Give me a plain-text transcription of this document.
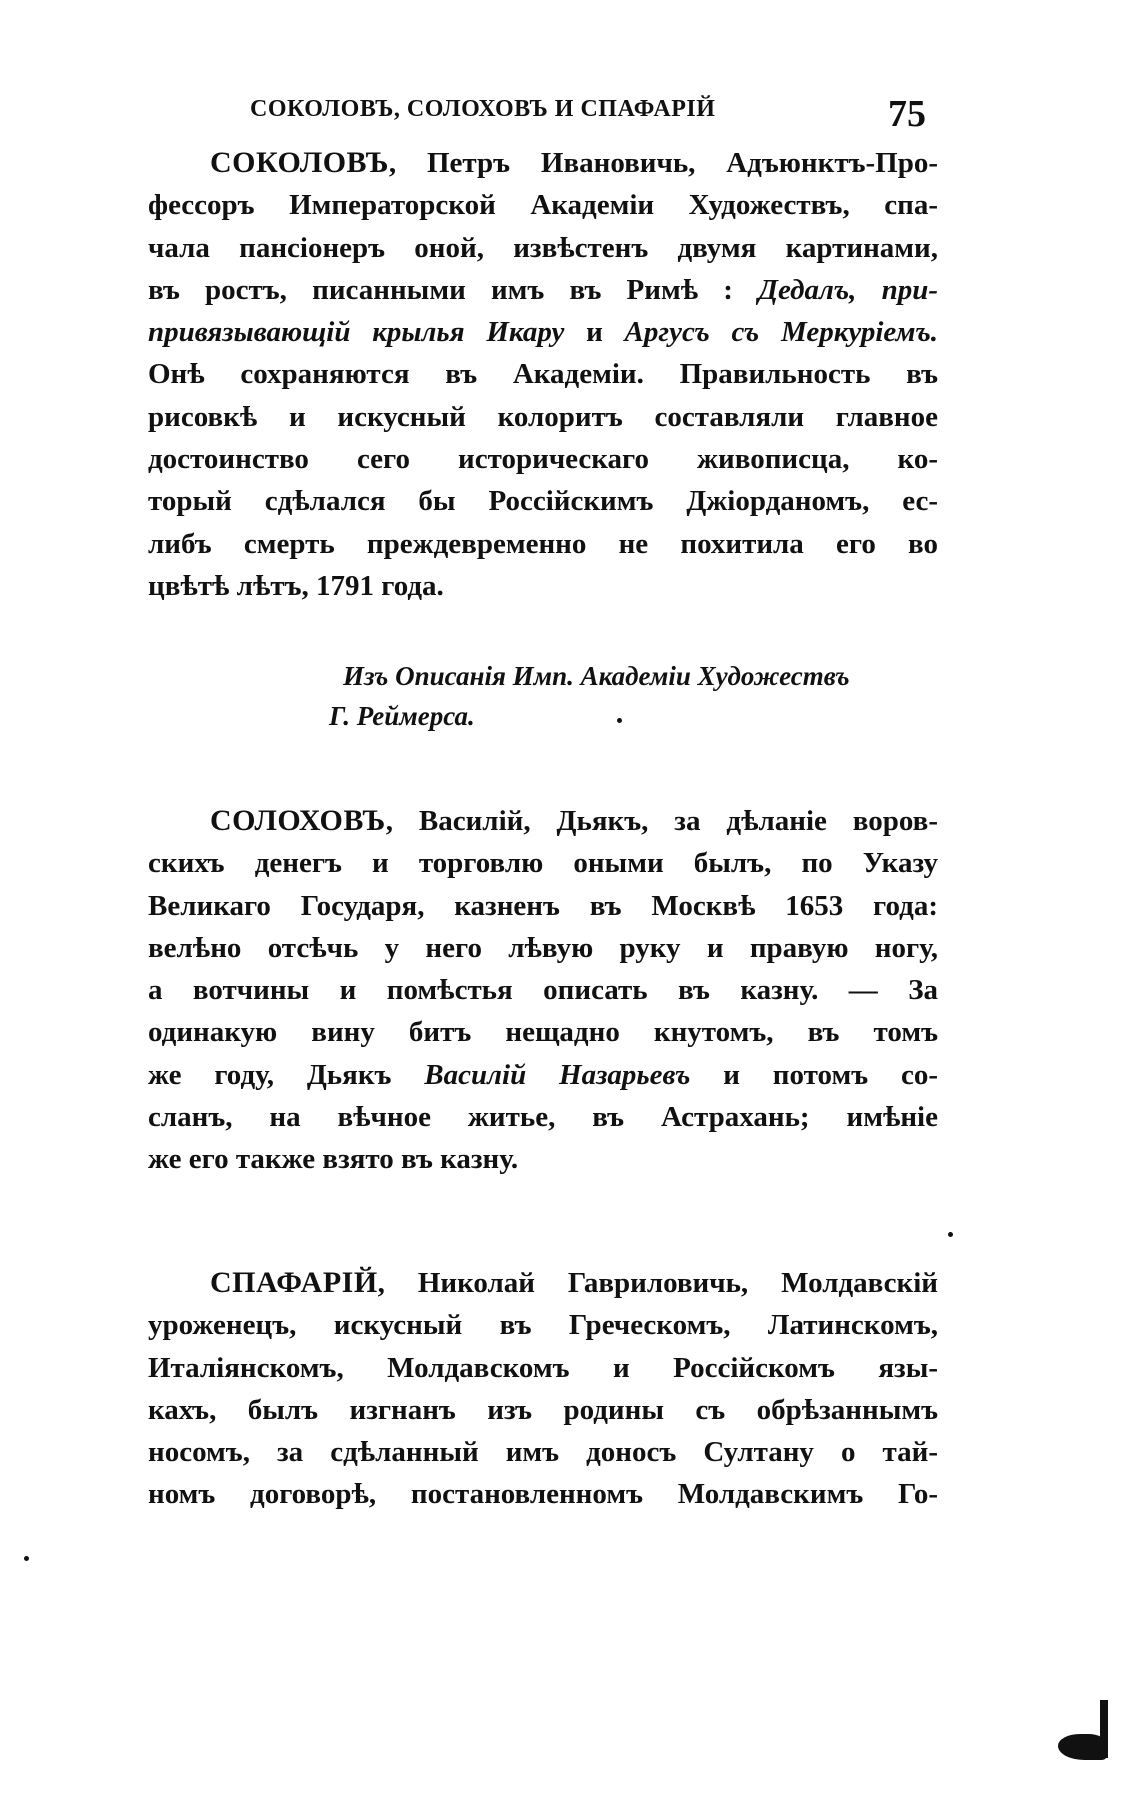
СОКОЛОВЪ, СОЛОХОВЪ И СПАФАРІЙ	75
СОКОЛОВЪ, Петръ Ивановичь, Адъюнктъ-Про-
фессоръ Императорской Академіи Художествъ, спа-
чала пансіонеръ оной, извѣстенъ двумя картинами,
въ ростъ, писанными имъ въ Римѣ : Дедалъ, при-
привязывающій крылья Икару и Аргусъ съ Меркуріемъ.
Онѣ сохраняются въ Академіи. Правильность въ
рисовкѣ и искусный колоритъ составляли главное
достоинство сего историческаго живописца, ко-
торый сдѣлался бы Россійскимъ Джіорданомъ, ес-
либъ смерть преждевременно не похитила его во
цвѣтѣ лѣтъ, 1791 года.
Изъ Описанія Имп. Академіи Художествъ
Г. Реймерса.
СОЛОХОВЪ, Василій, Дьякъ, за дѣланіе воров-
скихъ денегъ и торговлю оными былъ, по Указу
Великаго Государя, казненъ въ Москвѣ 1653 года:
велѣно отсѣчь у него лѣвую руку и правую ногу,
а вотчины и помѣстья описать въ казну. — За
одинакую вину битъ нещадно кнутомъ, въ томъ
же году, Дьякъ Василій Назарьевъ и потомъ со-
сланъ, на вѣчное житье, въ Астрахань; имѣніе
же его также взято въ казну.
СПАФАРІЙ, Николай Гавриловичь, Молдавскій
уроженецъ, искусный въ Греческомъ, Латинскомъ,
Италіянскомъ, Молдавскомъ и Россійскомъ язы-
кахъ, былъ изгнанъ изъ родины съ обрѣзаннымъ
носомъ, за сдѣланный имъ доносъ Султану о тай-
номъ договорѣ, постановленномъ Молдавскимъ Го-
